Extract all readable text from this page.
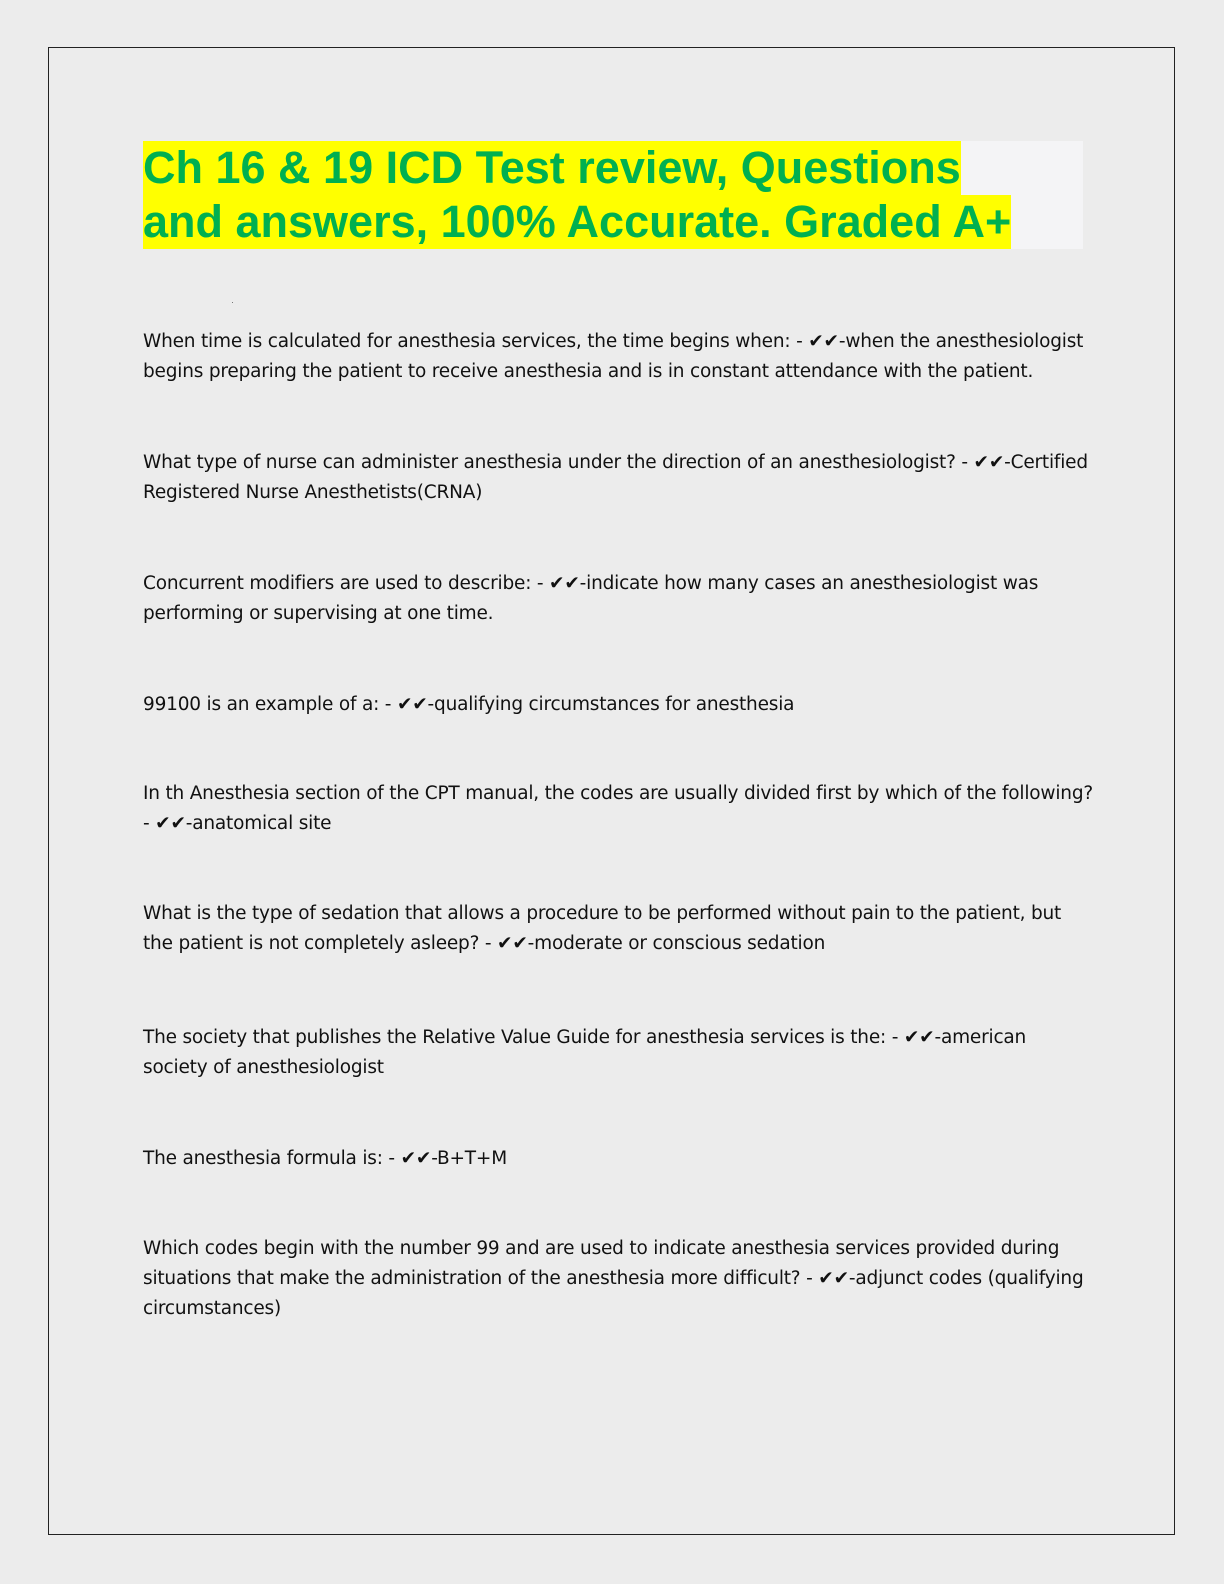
Ch 16 & 19 ICD Test review, Questions
and answers, 100% Accurate. Graded A+

When time is calculated for anesthesia services, the time begins when: - ✔✔-when the anesthesiologist begins preparing the patient to receive anesthesia and is in constant attendance with the patient.

What type of nurse can administer anesthesia under the direction of an anesthesiologist? - ✔✔-Certified Registered Nurse Anesthetists(CRNA)

Concurrent modifiers are used to describe: - ✔✔-indicate how many cases an anesthesiologist was performing or supervising at one time.

99100 is an example of a: - ✔✔-qualifying circumstances for anesthesia

In th Anesthesia section of the CPT manual, the codes are usually divided first by which of the following? - ✔✔-anatomical site

What is the type of sedation that allows a procedure to be performed without pain to the patient, but the patient is not completely asleep? - ✔✔-moderate or conscious sedation

The society that publishes the Relative Value Guide for anesthesia services is the: - ✔✔-american society of anesthesiologist

The anesthesia formula is: - ✔✔-B+T+M

Which codes begin with the number 99 and are used to indicate anesthesia services provided during situations that make the administration of the anesthesia more difficult? - ✔✔-adjunct codes (qualifying circumstances)
